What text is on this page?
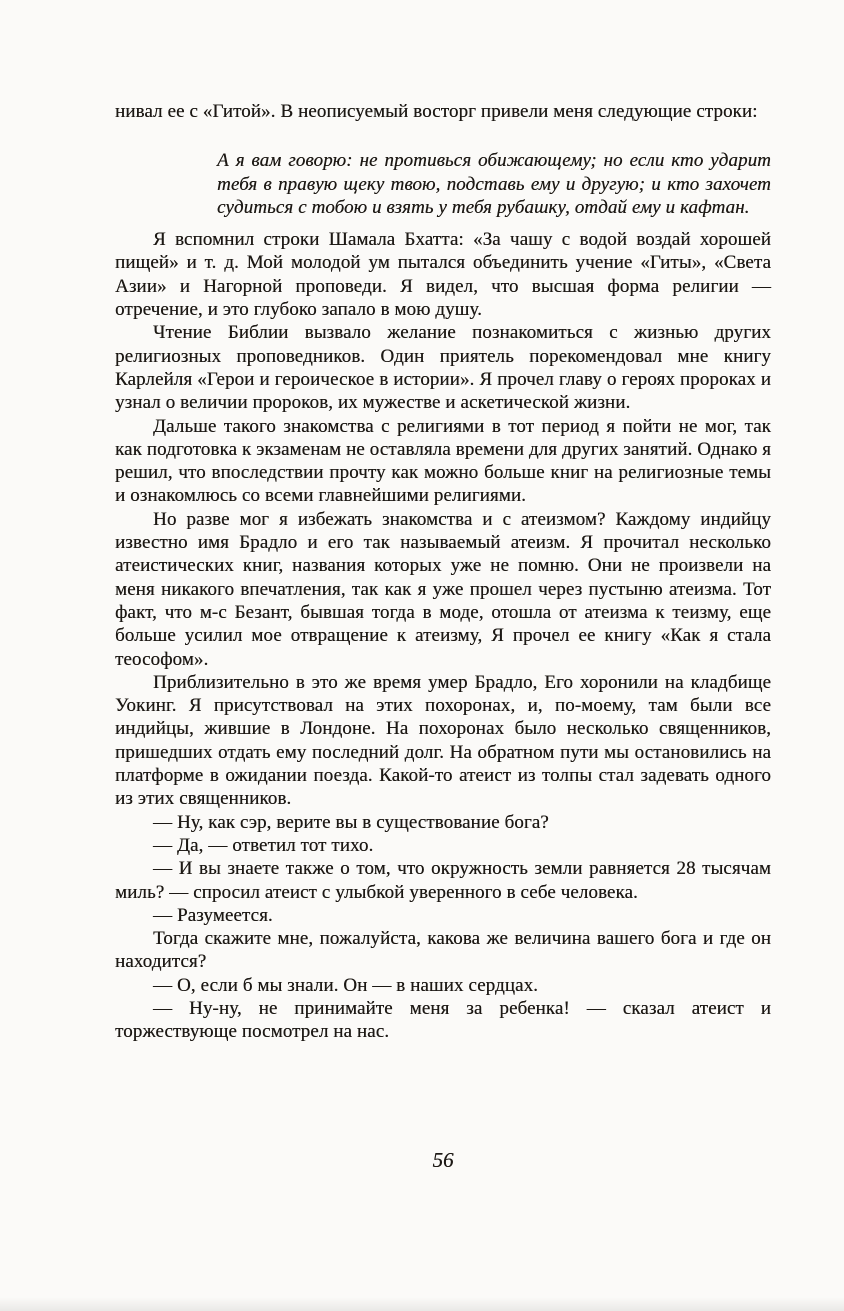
нивал ее с «Гитой». В неописуемый восторг привели меня следующие строки:

А я вам говорю: не противься обижающему; но если кто ударит тебя в правую щеку твою, подставь ему и другую; и кто захочет судиться с тобою и взять у тебя рубашку, отдай ему и кафтан.

Я вспомнил строки Шамала Бхатта: «За чашу с водой воздай хорошей пищей» и т. д. Мой молодой ум пытался объединить учение «Гиты», «Света Азии» и Нагорной проповеди. Я видел, что высшая форма религии — отречение, и это глубоко запало в мою душу.

Чтение Библии вызвало желание познакомиться с жизнью других религиозных проповедников. Один приятель порекомендовал мне книгу Карлейля «Герои и героическое в истории». Я прочел главу о героях пророках и узнал о величии пророков, их мужестве и аскетической жизни.

Дальше такого знакомства с религиями в тот период я пойти не мог, так как подготовка к экзаменам не оставляла времени для других занятий. Однако я решил, что впоследствии прочту как можно больше книг на религиозные темы и ознакомлюсь со всеми главнейшими религиями.

Но разве мог я избежать знакомства и с атеизмом? Каждому индийцу известно имя Брадло и его так называемый атеизм. Я прочитал несколько атеистических книг, названия которых уже не помню. Они не произвели на меня никакого впечатления, так как я уже прошел через пустыню атеизма. Тот факт, что м-с Безант, бывшая тогда в моде, отошла от атеизма к теизму, еще больше усилил мое отвращение к атеизму, Я прочел ее книгу «Как я стала теософом».

Приблизительно в это же время умер Брадло, Его хоронили на кладбище Уокинг. Я присутствовал на этих похоронах, и, по-моему, там были все индийцы, жившие в Лондоне. На похоронах было несколько священников, пришедших отдать ему последний долг. На обратном пути мы остановились на платформе в ожидании поезда. Какой-то атеист из толпы стал задевать одного из этих священников.

— Ну, как сэр, верите вы в существование бога?

— Да, — ответил тот тихо.

— И вы знаете также о том, что окружность земли равняется 28 тысячам миль? — спросил атеист с улыбкой уверенного в себе человека.

— Разумеется.

Тогда скажите мне, пожалуйста, какова же величина вашего бога и где он находится?

— О, если б мы знали. Он — в наших сердцах.

— Ну-ну, не принимайте меня за ребенка! — сказал атеист и торжествующе посмотрел на нас.

56
